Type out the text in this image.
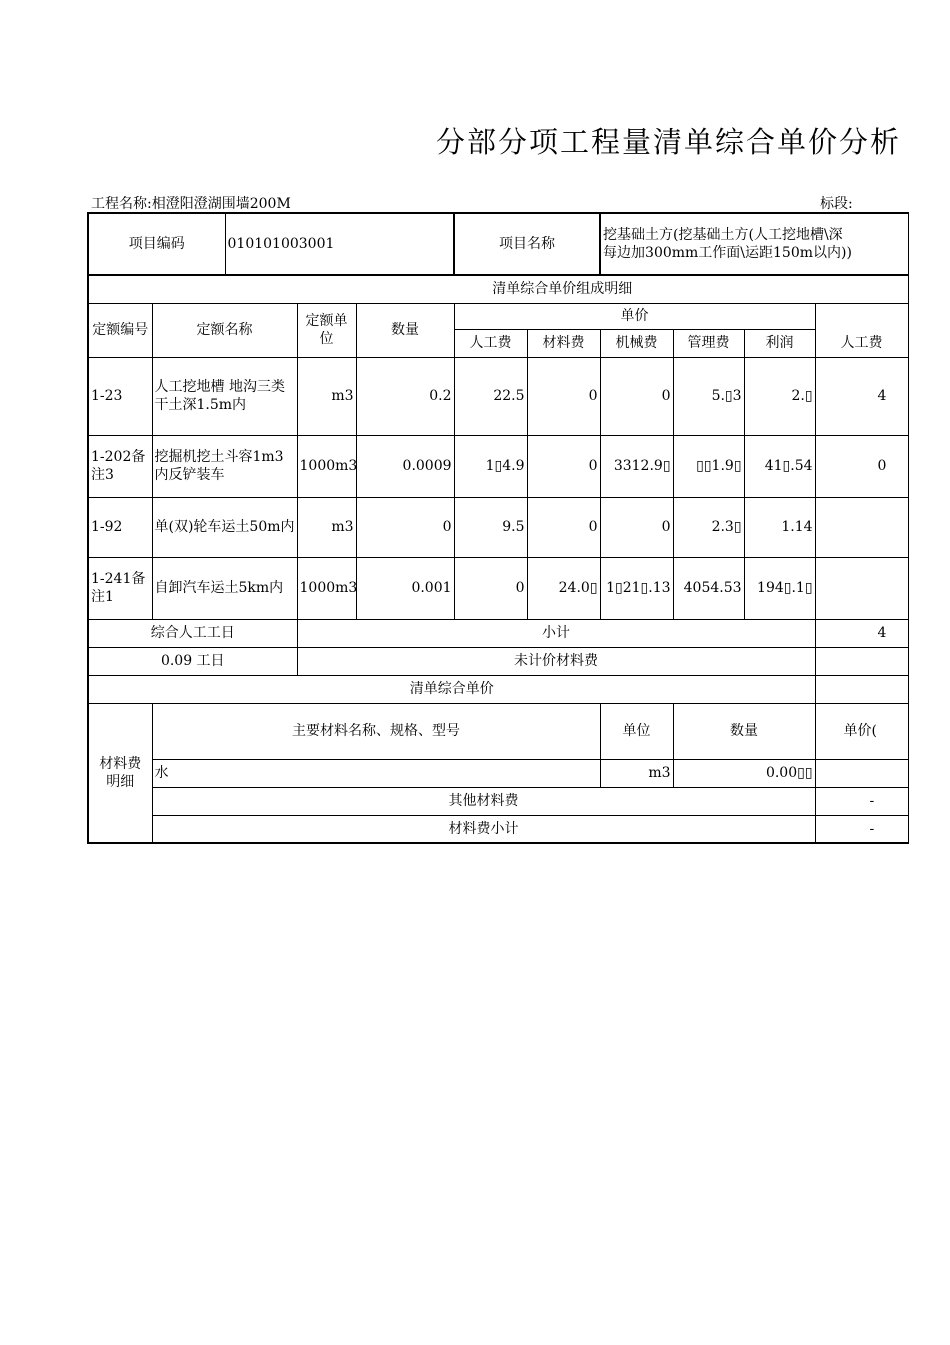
分部分项工程量清单综合单价分析
工程名称:相澄阳澄湖围墙200M	标段:
项目编码		010101003001			项目名称		挖基础土方(挖基础土方(人工挖地槽\深
每边加300mm工作面\运距150m以内))			

清单综合单价组成明细										
定额编号	定额名称		定额单位	数量	单价					
					人工费	材料费	机械费	管理费	利润	人工费
1-23	人工挖地槽 地沟三类干土深1.5m内		m3	0.2	22.5	0	0	5.▯3	2.▯	4
1-202备注3	挖掘机挖土斗容1m3内反铲装车		1000m3	0.0009	1▯4.9	0	3312.9▯	▯▯1.9▯	41▯.54	0
1-92	单(双)轮车运土50m内		m3	0	9.5	0	0	2.3▯	1.14	
1-241备注1	自卸汽车运土5km内		1000m3	0.001	0	24.0▯	1▯21▯.13	4054.53	194▯.1▯	
综合人工工日			小计							4
0.09 工日			未计价材料费							
清单综合单价										
材料费明细	主要材料名称、规格、型号						单位	数量		单价(
	水						m3	0.00▯▯		
	其他材料费									-
	材料费小计									-
